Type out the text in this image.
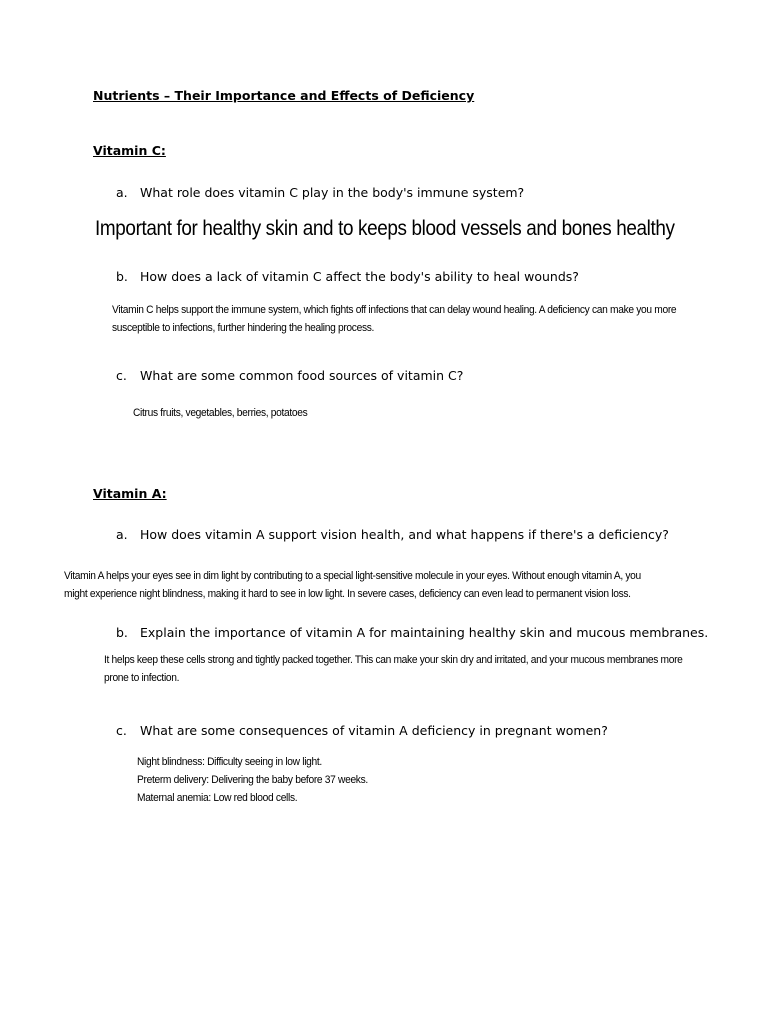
Nutrients – Their Importance and Effects of Deficiency
Vitamin C:
a. What role does vitamin C play in the body's immune system?
Important for healthy skin and to keeps blood vessels and bones healthy
b. How does a lack of vitamin C affect the body's ability to heal wounds?
Vitamin C helps support the immune system, which fights off infections that can delay wound healing. A deficiency can make you more
susceptible to infections, further hindering the healing process.
c. What are some common food sources of vitamin C?
Citrus fruits, vegetables, berries, potatoes
Vitamin A:
a. How does vitamin A support vision health, and what happens if there's a deficiency?
Vitamin A helps your eyes see in dim light by contributing to a special light-sensitive molecule in your eyes. Without enough vitamin A, you
might experience night blindness, making it hard to see in low light. In severe cases, deficiency can even lead to permanent vision loss.
b. Explain the importance of vitamin A for maintaining healthy skin and mucous membranes.
It helps keep these cells strong and tightly packed together. This can make your skin dry and irritated, and your mucous membranes more
prone to infection.
c. What are some consequences of vitamin A deficiency in pregnant women?
Night blindness: Difficulty seeing in low light.
Preterm delivery: Delivering the baby before 37 weeks.
Maternal anemia: Low red blood cells.
